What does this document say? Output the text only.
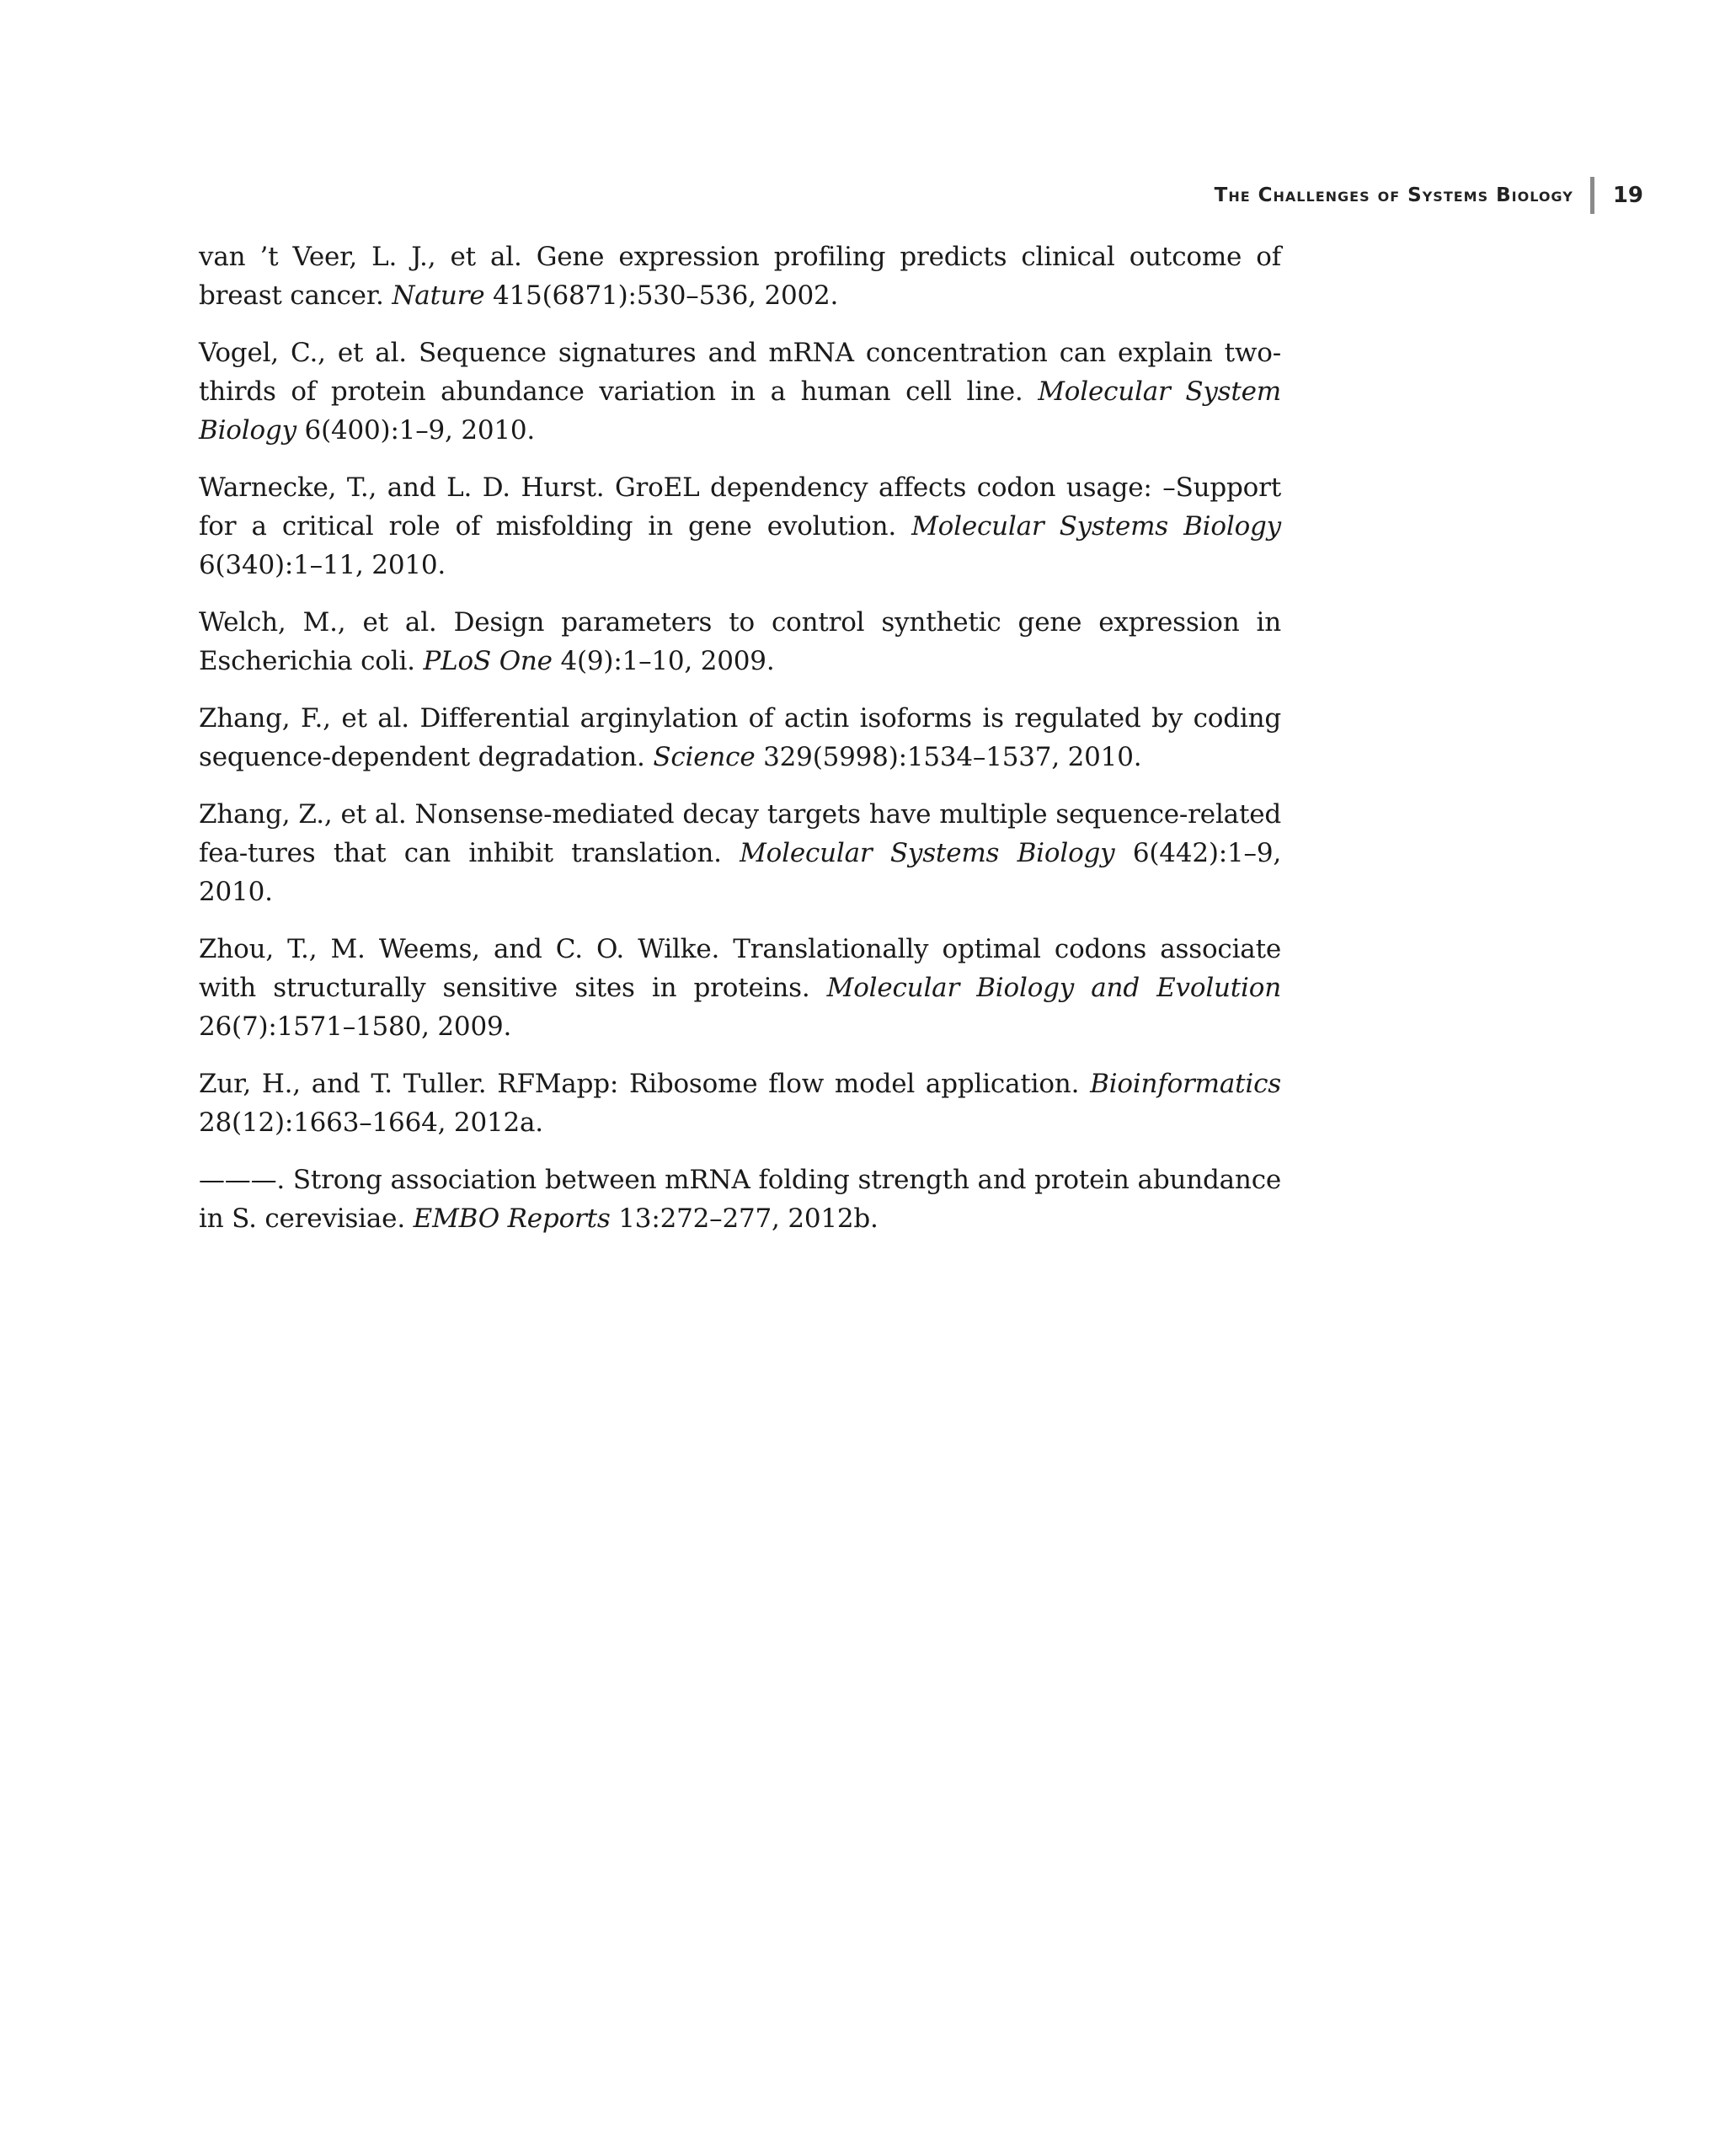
The Challenges of Systems Biology	19
van ’t Veer, L. J., et al. Gene expression profiling predicts clinical outcome of breast cancer. Nature 415(6871):530–536, 2002.
Vogel, C., et al. Sequence signatures and mRNA concentration can explain two-thirds of protein abundance variation in a human cell line. Molecular System Biology 6(400):1–9, 2010.
Warnecke, T., and L. D. Hurst. GroEL dependency affects codon usage: –Support for a critical role of misfolding in gene evolution. Molecular Systems Biology 6(340):1–11, 2010.
Welch, M., et al. Design parameters to control synthetic gene expression in Escherichia coli. PLoS One 4(9):1–10, 2009.
Zhang, F., et al. Differential arginylation of actin isoforms is regulated by coding sequence-dependent degradation. Science 329(5998):1534–1537, 2010.
Zhang, Z., et al. Nonsense-mediated decay targets have multiple sequence-related fea-tures that can inhibit translation. Molecular Systems Biology 6(442):1–9, 2010.
Zhou, T., M. Weems, and C. O. Wilke. Translationally optimal codons associate with structurally sensitive sites in proteins. Molecular Biology and Evolution 26(7):1571–1580, 2009.
Zur, H., and T. Tuller. RFMapp: Ribosome flow model application. Bioinformatics 28(12):1663–1664, 2012a.
———. Strong association between mRNA folding strength and protein abundance in S. cerevisiae. EMBO Reports 13:272–277, 2012b.
